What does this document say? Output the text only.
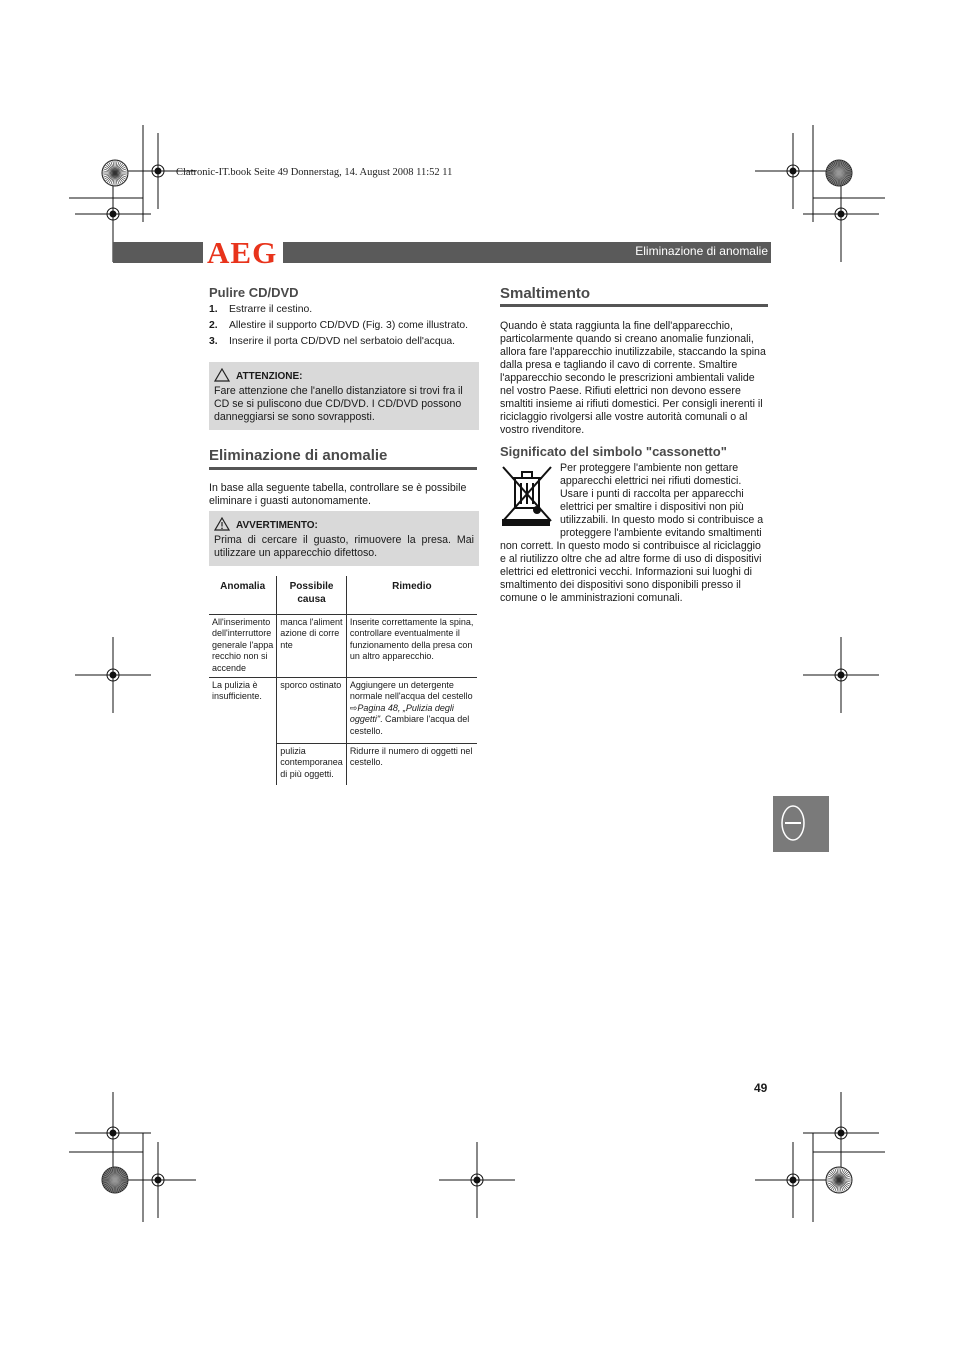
Clatronic-IT.book Seite 49 Donnerstag, 14. August 2008 11:52 11
AEG	Eliminazione di anomalie
Pulire CD/DVD
1. Estrarre il cestino.
2. Allestire il supporto CD/DVD (Fig. 3) come illustrato.
3. Inserire il porta CD/DVD nel serbatoio dell'acqua.
ATTENZIONE:
Fare attenzione che l'anello distanziatore si trovi fra il CD se si puliscono due CD/DVD. I CD/DVD possono danneggiarsi se sono sovrapposti.
Eliminazione di anomalie
In base alla seguente tabella, controllare se è possibile eliminare i guasti autonomamente.
AVVERTIMENTO:
Prima di cercare il guasto, rimuovere la presa. Mai utilizzare un apparecchio difettoso.
Anomalia	Possibile causa	Rimedio
All'inserimento dell'interruttore generale l'apparecchio non si accende	manca l'alimentazione di corrente	Inserite correttamente la spina, controllare eventualmente il funzionamento della presa con un altro apparecchio.
La pulizia è insufficiente.	sporco ostinato	Aggiungere un detergente normale nell'acqua del cestello ⇨Pagina 48, „Pulizia degli oggetti". Cambiare l'acqua del cestello.
	pulizia contemporanea di più oggetti.	Ridurre il numero di oggetti nel cestello.
Smaltimento
Quando è stata raggiunta la fine dell'apparecchio, particolarmente quando si creano anomalie funzionali, allora fare l'apparecchio inutilizzabile, staccando la spina dalla presa e tagliando il cavo di corrente. Smaltire l'apparecchio secondo le prescrizioni ambientali valide nel vostro Paese. Rifiuti elettrici non devono essere smaltiti insieme ai rifiuti domestici. Per consigli inerenti il riciclaggio rivolgersi alle vostre autorità comunali o al vostro rivenditore.
Significato del simbolo "cassonetto"

Per proteggere l'ambiente non gettare apparecchi elettrici nei rifiuti domestici. Usare i punti di raccolta per apparecchi elettrici per smaltire i dispositivi non più utilizzabili. In questo modo si contribuisce a proteggere l'ambiente evitando smaltimenti non corrett. In questo modo si contribuisce al riciclaggio e al riutilizzo oltre che ad altre forme di uso di dispositivi elettrici ed elettronici vecchi. Informazioni sui luoghi di smaltimento dei dispositivi sono disponibili presso il comune o le amministrazioni comunali.

49
